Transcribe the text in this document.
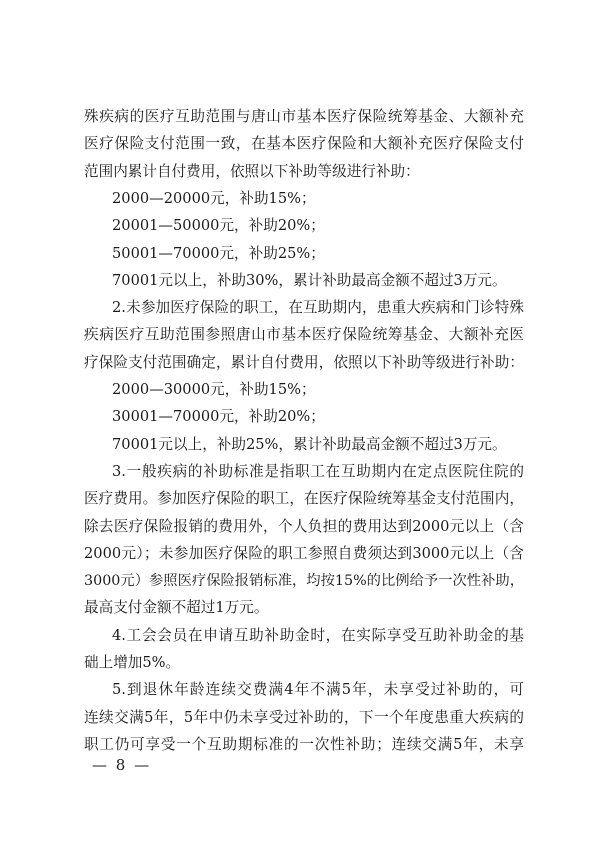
殊疾病的医疗互助范围与唐山市基本医疗保险统筹基金、大额补充
医疗保险支付范围一致，在基本医疗保险和大额补充医疗保险支付
范围内累计自付费用，依照以下补助等级进行补助：
2000—20000元，补助15%；
20001—50000元，补助20%；
50001—70000元，补助25%；
70001元以上，补助30%，累计补助最高金额不超过3万元。
2.未参加医疗保险的职工，在互助期内，患重大疾病和门诊特殊
疾病医疗互助范围参照唐山市基本医疗保险统筹基金、大额补充医
疗保险支付范围确定，累计自付费用，依照以下补助等级进行补助：
2000—30000元，补助15%；
30001—70000元，补助20%；
70001元以上，补助25%，累计补助最高金额不超过3万元。
3.一般疾病的补助标准是指职工在互助期内在定点医院住院的
医疗费用。参加医疗保险的职工，在医疗保险统筹基金支付范围内，
除去医疗保险报销的费用外，个人负担的费用达到2000元以上（含
2000元）；未参加医疗保险的职工参照自费须达到3000元以上（含
3000元）参照医疗保险报销标准，均按15%的比例给予一次性补助，
最高支付金额不超过1万元。
4.工会会员在申请互助补助金时，在实际享受互助补助金的基
础上增加5%。
5.到退休年龄连续交费满4年不满5年，未享受过补助的，可
连续交满5年，5年中仍未享受过补助的，下一个年度患重大疾病的
职工仍可享受一个互助期标准的一次性补助；连续交满5年，未享
— 8 —
